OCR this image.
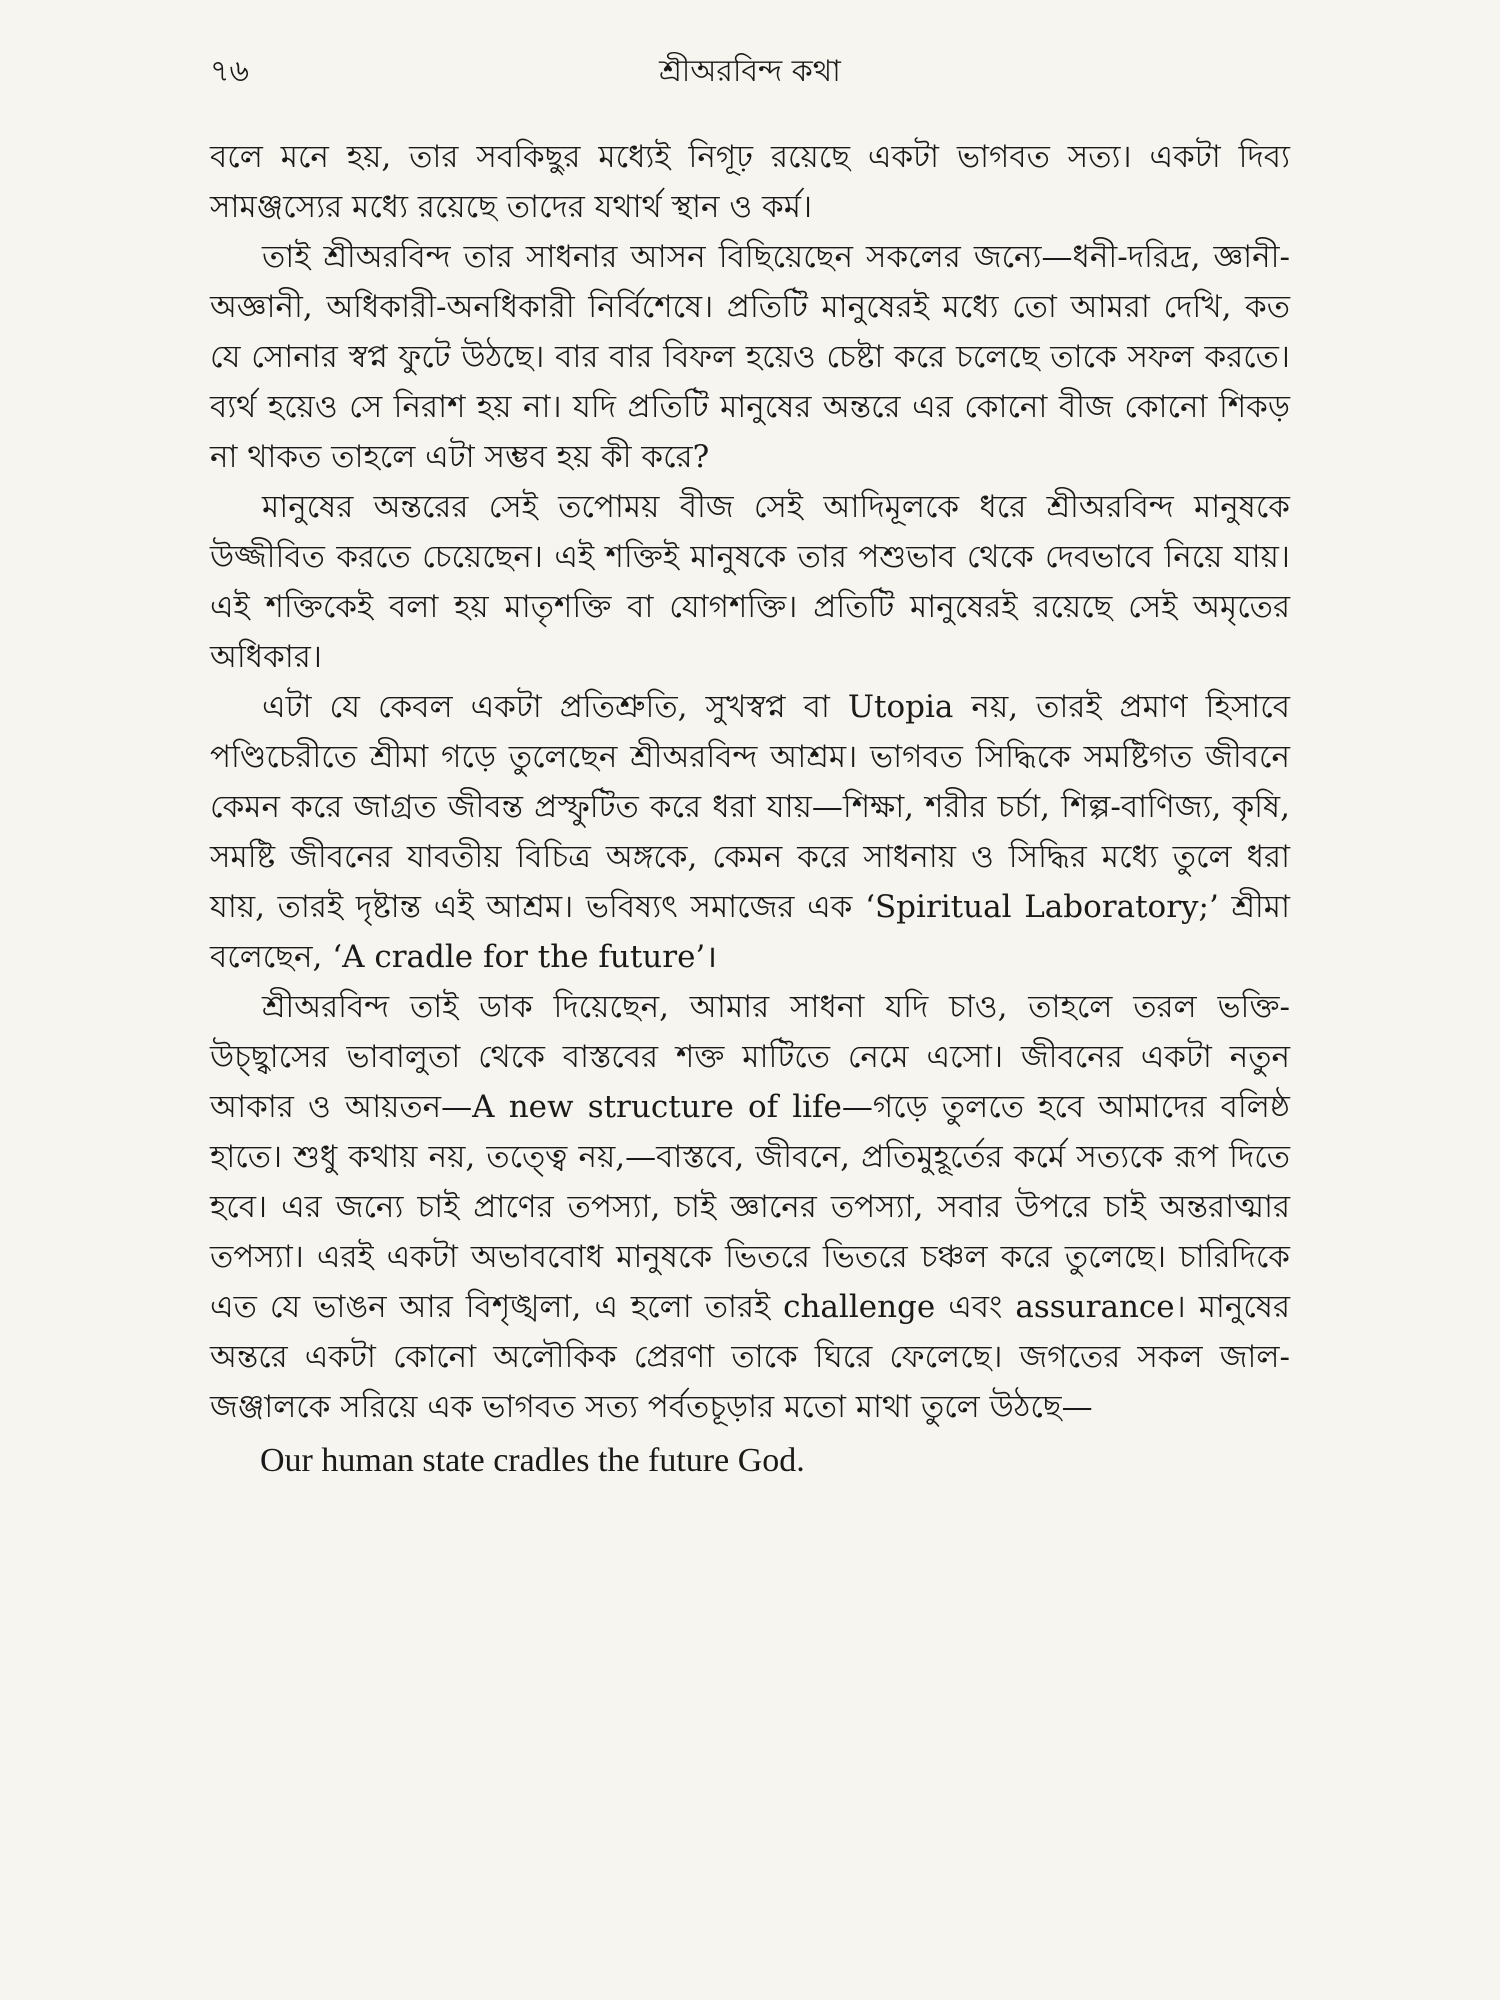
৭৬	শ্রীঅরবিন্দ কথা

বলে মনে হয়, তার সবকিছুর মধ্যেই নিগূঢ় রয়েছে একটা ভাগবত সত্য। একটা দিব্য সামঞ্জস্যের মধ্যে রয়েছে তাদের যথার্থ স্থান ও কর্ম।

তাই শ্রীঅরবিন্দ তার সাধনার আসন বিছিয়েছেন সকলের জন্যে—ধনী-দরিদ্র, জ্ঞানী-অজ্ঞানী, অধিকারী-অনধিকারী নির্বিশেষে। প্রতিটি মানুষেরই মধ্যে তো আমরা দেখি, কত যে সোনার স্বপ্ন ফুটে উঠছে। বার বার বিফল হয়েও চেষ্টা করে চলেছে তাকে সফল করতে। ব্যর্থ হয়েও সে নিরাশ হয় না। যদি প্রতিটি মানুষের অন্তরে এর কোনো বীজ কোনো শিকড় না থাকত তাহলে এটা সম্ভব হয় কী করে?

মানুষের অন্তরের সেই তপোময় বীজ সেই আদিমূলকে ধরে শ্রীঅরবিন্দ মানুষকে উজ্জীবিত করতে চেয়েছেন। এই শক্তিই মানুষকে তার পশুভাব থেকে দেবভাবে নিয়ে যায়। এই শক্তিকেই বলা হয় মাতৃশক্তি বা যোগশক্তি। প্রতিটি মানুষেরই রয়েছে সেই অমৃতের অধিকার।

এটা যে কেবল একটা প্রতিশ্রুতি, সুখস্বপ্ন বা Utopia নয়, তারই প্রমাণ হিসাবে পণ্ডিচেরীতে শ্রীমা গড়ে তুলেছেন শ্রীঅরবিন্দ আশ্রম। ভাগবত সিদ্ধিকে সমষ্টিগত জীবনে কেমন করে জাগ্রত জীবন্ত প্রস্ফুটিত করে ধরা যায়—শিক্ষা, শরীর চর্চা, শিল্প-বাণিজ্য, কৃষি, সমষ্টি জীবনের যাবতীয় বিচিত্র অঙ্গকে, কেমন করে সাধনায় ও সিদ্ধির মধ্যে তুলে ধরা যায়, তারই দৃষ্টান্ত এই আশ্রম। ভবিষ্যৎ সমাজের এক ‘Spiritual Laboratory;’ শ্রীমা বলেছেন, ‘A cradle for the future’।

শ্রীঅরবিন্দ তাই ডাক দিয়েছেন, আমার সাধনা যদি চাও, তাহলে তরল ভক্তি-উচ্ছ্বাসের ভাবালুতা থেকে বাস্তবের শক্ত মাটিতে নেমে এসো। জীবনের একটা নতুন আকার ও আয়তন—A new structure of life—গড়ে তুলতে হবে আমাদের বলিষ্ঠ হাতে। শুধু কথায় নয়, তত্ত্বে নয়,—বাস্তবে, জীবনে, প্রতিমুহূর্তের কর্মে সত্যকে রূপ দিতে হবে। এর জন্যে চাই প্রাণের তপস্যা, চাই জ্ঞানের তপস্যা, সবার উপরে চাই অন্তরাত্মার তপস্যা। এরই একটা অভাববোধ মানুষকে ভিতরে ভিতরে চঞ্চল করে তুলেছে। চারিদিকে এত যে ভাঙন আর বিশৃঙ্খলা, এ হলো তারই challenge এবং assurance। মানুষের অন্তরে একটা কোনো অলৌকিক প্রেরণা তাকে ঘিরে ফেলেছে। জগতের সকল জাল-জঞ্জালকে সরিয়ে এক ভাগবত সত্য পর্বতচূড়ার মতো মাথা তুলে উঠছে—

Our human state cradles the future God.
